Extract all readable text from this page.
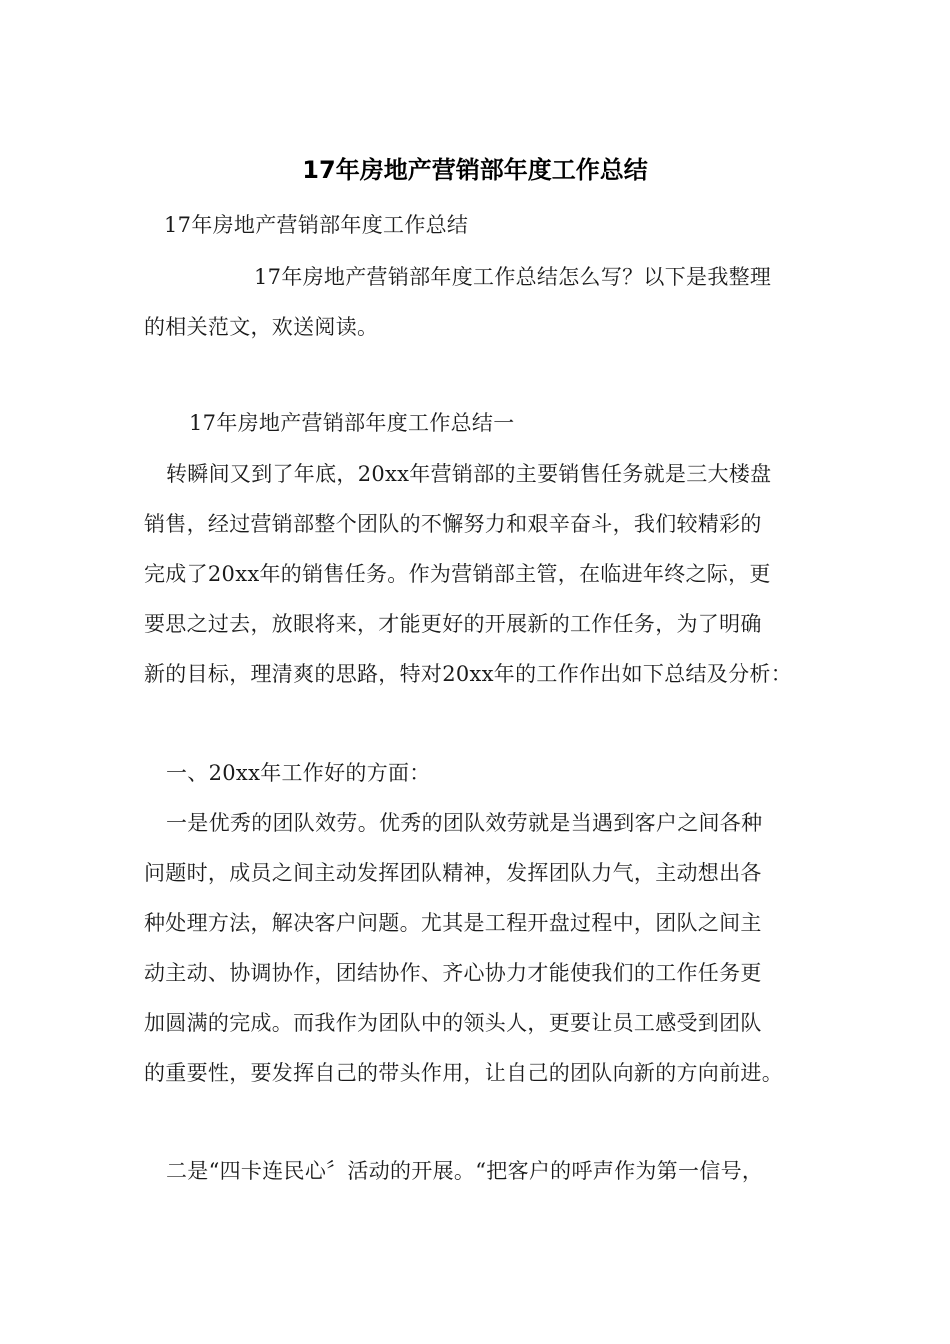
17年房地产营销部年度工作总结
17年房地产营销部年度工作总结
17年房地产营销部年度工作总结怎么写？以下是我整理
的相关范文，欢送阅读。
17年房地产营销部年度工作总结一
转瞬间又到了年底，20xx年营销部的主要销售任务就是三大楼盘
销售，经过营销部整个团队的不懈努力和艰辛奋斗，我们较精彩的
完成了20xx年的销售任务。作为营销部主管，在临进年终之际，更
要思之过去，放眼将来，才能更好的开展新的工作任务，为了明确
新的目标，理清爽的思路，特对20xx年的工作作出如下总结及分析：
一、20xx年工作好的方面：
一是优秀的团队效劳。优秀的团队效劳就是当遇到客户之间各种
问题时，成员之间主动发挥团队精神，发挥团队力气，主动想出各
种处理方法，解决客户问题。尤其是工程开盘过程中，团队之间主
动主动、协调协作，团结协作、齐心协力才能使我们的工作任务更
加圆满的完成。而我作为团队中的领头人，更要让员工感受到团队
的重要性，要发挥自己的带头作用，让自己的团队向新的方向前进。
二是“四卡连民心〞活动的开展。“把客户的呼声作为第一信号，
